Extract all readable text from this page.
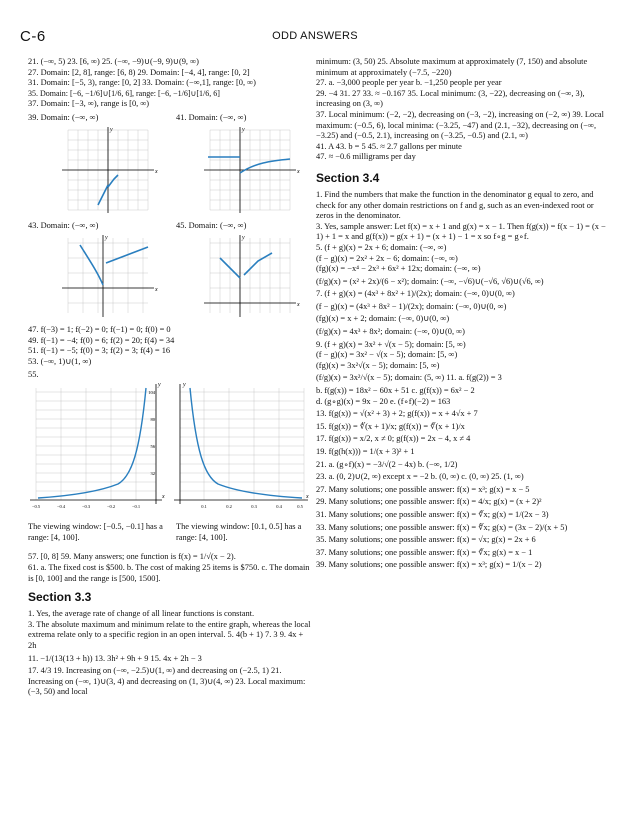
C-6	ODD ANSWERS
21. (−∞, 5) 23. [6, ∞) 25. (−∞, −9)∪(−9, 9)∪(9, ∞)
27. Domain: [2, 8], range: [6, 8) 29. Domain: [−4, 4], range: [0, 2]
31. Domain: [−5, 3), range: [0, 2] 33. Domain: (−∞,1], range: [0, ∞)
35. Domain: [−6, −1/6]∪[1/6, 6], range: [−6, −1/6]∪[1/6, 6]
37. Domain: [−3, ∞), range is [0, ∞)
39. Domain: (−∞, ∞)	41. Domain: (−∞, ∞)
x
y
x
y
43. Domain: (−∞, ∞)	45. Domain: (−∞, ∞)
x
y
x
y
47. f(−3) = 1; f(−2) = 0; f(−1) = 0; f(0) = 0
49. f(−1) = −4; f(0) = 6; f(2) = 20; f(4) = 34
51. f(−1) = −5; f(0) = 3; f(2) = 3; f(4) = 16
53. (−∞, 1)∪(1, ∞)
55.
104
80
56
32
−0.5	−0.4	−0.3	−0.2	−0.1
y
x
0.1	0.2	0.3	0.4	0.5
y
x
The viewing window: [−0.5, −0.1] has a range: [4, 100].
The viewing window: [0.1, 0.5] has a range: [4, 100].
57. [0, 8] 59. Many answers; one function is f(x) = 1/√(x − 2).
61. a. The fixed cost is $500. b. The cost of making 25 items is $750. c. The domain is [0, 100] and the range is [500, 1500].
Section 3.3
1. Yes, the average rate of change of all linear functions is constant.
3. The absolute maximum and minimum relate to the entire graph, whereas the local extrema relate only to a specific region in an open interval. 5. 4(b + 1) 7. 3 9. 4x + 2h
11. −1/(13(13 + h)) 13. 3h² + 9h + 9 15. 4x + 2h − 3
17. 4/3 19. Increasing on (−∞, −2.5)∪(1, ∞) and decreasing on (−2.5, 1) 21. Increasing on (−∞, 1)∪(3, 4) and decreasing on (1, 3)∪(4, ∞) 23. Local maximum: (−3, 50) and local
minimum: (3, 50) 25. Absolute maximum at approximately (7, 150) and absolute minimum at approximately (−7.5, −220)
27. a. −3,000 people per year b. −1,250 people per year
29. −4 31. 27 33. ≈ −0.167 35. Local minimum: (3, −22), decreasing on (−∞, 3), increasing on (3, ∞)
37. Local minimum: (−2, −2), decreasing on (−3, −2), increasing on (−2, ∞) 39. Local maximum: (−0.5, 6), local minima: (−3.25, −47) and (2.1, −32), decreasing on (−∞, −3.25) and (−0.5, 2.1), increasing on (−3.25, −0.5) and (2.1, ∞)
41. A 43. b = 5 45. ≈ 2.7 gallons per minute
47. ≈ −0.6 milligrams per day
Section 3.4
1. Find the numbers that make the function in the denominator g equal to zero, and check for any other domain restrictions on f and g, such as an even-indexed root or zeros in the denominator.
3. Yes, sample answer: Let f(x) = x + 1 and g(x) = x − 1. Then f(g(x)) = f(x − 1) = (x − 1) + 1 = x and g(f(x)) = g(x + 1) = (x + 1) − 1 = x so f∘g = g∘f.
5. (f + g)(x) = 2x + 6; domain: (−∞, ∞)
(f − g)(x) = 2x² + 2x − 6; domain: (−∞, ∞)
(fg)(x) = −x⁴ − 2x³ + 6x² + 12x; domain: (−∞, ∞)
(f/g)(x) = (x² + 2x)/(6 − x²); domain: (−∞, −√6)∪(−√6, √6)∪(√6, ∞)
7. (f + g)(x) = (4x³ + 8x² + 1)/(2x); domain: (−∞, 0)∪(0, ∞)
(f − g)(x) = (4x³ + 8x² − 1)/(2x); domain: (−∞, 0)∪(0, ∞)
(fg)(x) = x + 2; domain: (−∞, 0)∪(0, ∞)
(f/g)(x) = 4x³ + 8x²; domain: (−∞, 0)∪(0, ∞)
9. (f + g)(x) = 3x² + √(x − 5); domain: [5, ∞)
(f − g)(x) = 3x² − √(x − 5); domain: [5, ∞)
(fg)(x) = 3x²√(x − 5); domain: [5, ∞)
(f/g)(x) = 3x²/√(x − 5); domain: (5, ∞) 11. a. f(g(2)) = 3
b. f(g(x)) = 18x² − 60x + 51 c. g(f(x)) = 6x² − 2
d. (g∘g)(x) = 9x − 20 e. (f∘f)(−2) = 163
13. f(g(x)) = √(x² + 3) + 2; g(f(x)) = x + 4√x + 7
15. f(g(x)) = ∛(x + 1)/x; g(f(x)) = ∛(x + 1)/x
17. f(g(x)) = x/2, x ≠ 0; g(f(x)) = 2x − 4, x ≠ 4
19. f(g(h(x))) = 1/(x + 3)² + 1
21. a. (g∘f)(x) = −3/√(2 − 4x) b. (−∞, 1/2)
23. a. (0, 2)∪(2, ∞) except x = −2 b. (0, ∞) c. (0, ∞) 25. (1, ∞)
27. Many solutions; one possible answer: f(x) = x³; g(x) = x − 5
29. Many solutions; one possible answer: f(x) = 4/x; g(x) = (x + 2)²
31. Many solutions; one possible answer: f(x) = ∛x; g(x) = 1/(2x − 3)
33. Many solutions; one possible answer: f(x) = ∜x; g(x) = (3x − 2)/(x + 5)
35. Many solutions; one possible answer: f(x) = √x; g(x) = 2x + 6
37. Many solutions; one possible answer: f(x) = ∛x; g(x) = x − 1
39. Many solutions; one possible answer: f(x) = x³; g(x) = 1/(x − 2)
